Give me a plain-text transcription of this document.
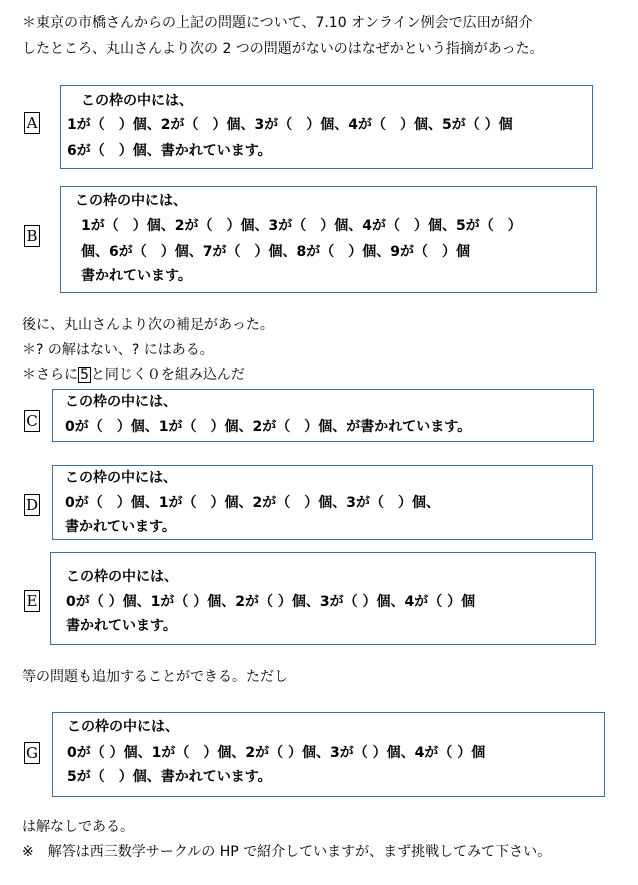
＊東京の市橋さんからの上記の問題について、7.10 オンライン例会で広田が紹介
したところ、丸山さんより次の 2 つの問題がないのはなぜかという指摘があった。
A
この枠の中には、
1が（　）個、2が（　）個、3が（　）個、4が（　）個、5が（ ）個
6が（　）個、書かれています。
B
この枠の中には、
1が（　）個、2が（　）個、3が（　）個、4が（　）個、5が（　）
個、6が（　）個、7が（　）個、8が（　）個、9が（　）個
書かれています。
後に、丸山さんより次の補足があった。
＊? の解はない、? にはある。
＊さらに 5 と同じく０を組み込んだ
C
この枠の中には、
0が（　）個、1が（　）個、2が（　）個、が書かれています。
D
この枠の中には、
0が（　）個、1が（　）個、2が（　）個、3が（　）個、
書かれています。
E
この枠の中には、
0が（ ）個、1が（ ）個、2が（ ）個、3が（ ）個、4が（ ）個
書かれています。
等の問題も追加することができる。ただし
G
この枠の中には、
0が（ ）個、1が（　）個、2が（ ）個、3が（ ）個、4が（ ）個
5が（　）個、書かれています。
は解なしである。
※　解答は西三数学サークルの HP で紹介していますが、まず挑戦してみて下さい。
